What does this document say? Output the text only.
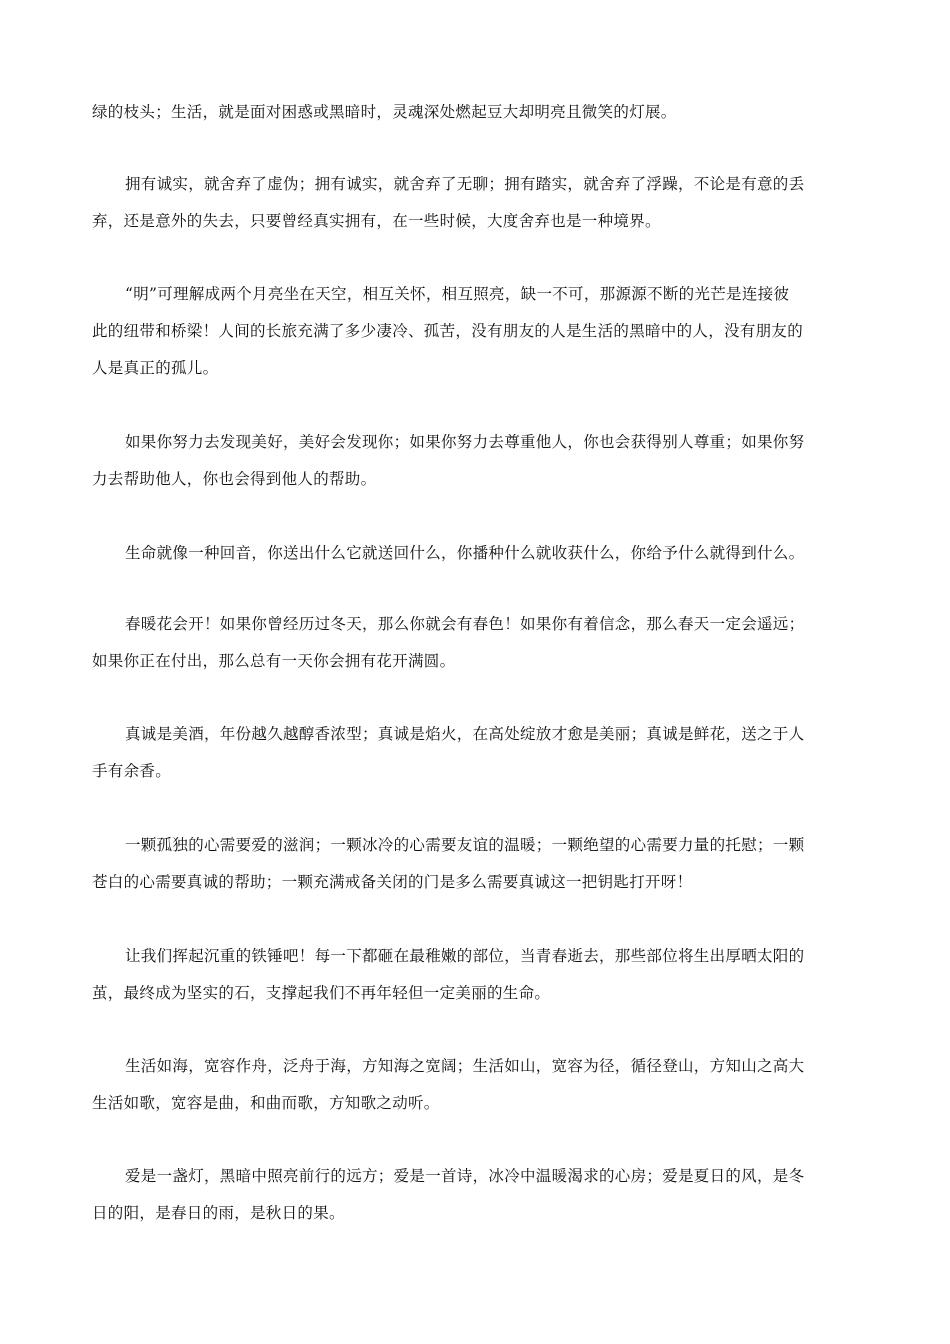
绿的枝头；生活，就是面对困惑或黑暗时，灵魂深处燃起豆大却明亮且微笑的灯展。

拥有诚实，就舍弃了虚伪；拥有诚实，就舍弃了无聊；拥有踏实，就舍弃了浮躁，不论是有意的丢
弃，还是意外的失去，只要曾经真实拥有，在一些时候，大度舍弃也是一种境界。

“明”可理解成两个月亮坐在天空，相互关怀，相互照亮，缺一不可，那源源不断的光芒是连接彼
此的纽带和桥梁！人间的长旅充满了多少凄冷、孤苦，没有朋友的人是生活的黑暗中的人，没有朋友的
人是真正的孤儿。

如果你努力去发现美好，美好会发现你；如果你努力去尊重他人，你也会获得别人尊重；如果你努
力去帮助他人，你也会得到他人的帮助。

生命就像一种回音，你送出什么它就送回什么，你播种什么就收获什么，你给予什么就得到什么。

春暖花会开！如果你曾经历过冬天，那么你就会有春色！如果你有着信念，那么春天一定会遥远；
如果你正在付出，那么总有一天你会拥有花开满圆。

真诚是美酒，年份越久越醇香浓型；真诚是焰火，在高处绽放才愈是美丽；真诚是鲜花，送之于人
手有余香。

一颗孤独的心需要爱的滋润；一颗冰冷的心需要友谊的温暖；一颗绝望的心需要力量的托慰；一颗
苍白的心需要真诚的帮助；一颗充满戒备关闭的门是多么需要真诚这一把钥匙打开呀！

让我们挥起沉重的铁锤吧！每一下都砸在最稚嫩的部位，当青春逝去，那些部位将生出厚晒太阳的
茧，最终成为坚实的石，支撑起我们不再年轻但一定美丽的生命。

生活如海，宽容作舟，泛舟于海，方知海之宽阔；生活如山，宽容为径，循径登山，方知山之高大
生活如歌，宽容是曲，和曲而歌，方知歌之动听。

爱是一盏灯，黑暗中照亮前行的远方；爱是一首诗，冰冷中温暖渴求的心房；爱是夏日的风，是冬
日的阳，是春日的雨，是秋日的果。
